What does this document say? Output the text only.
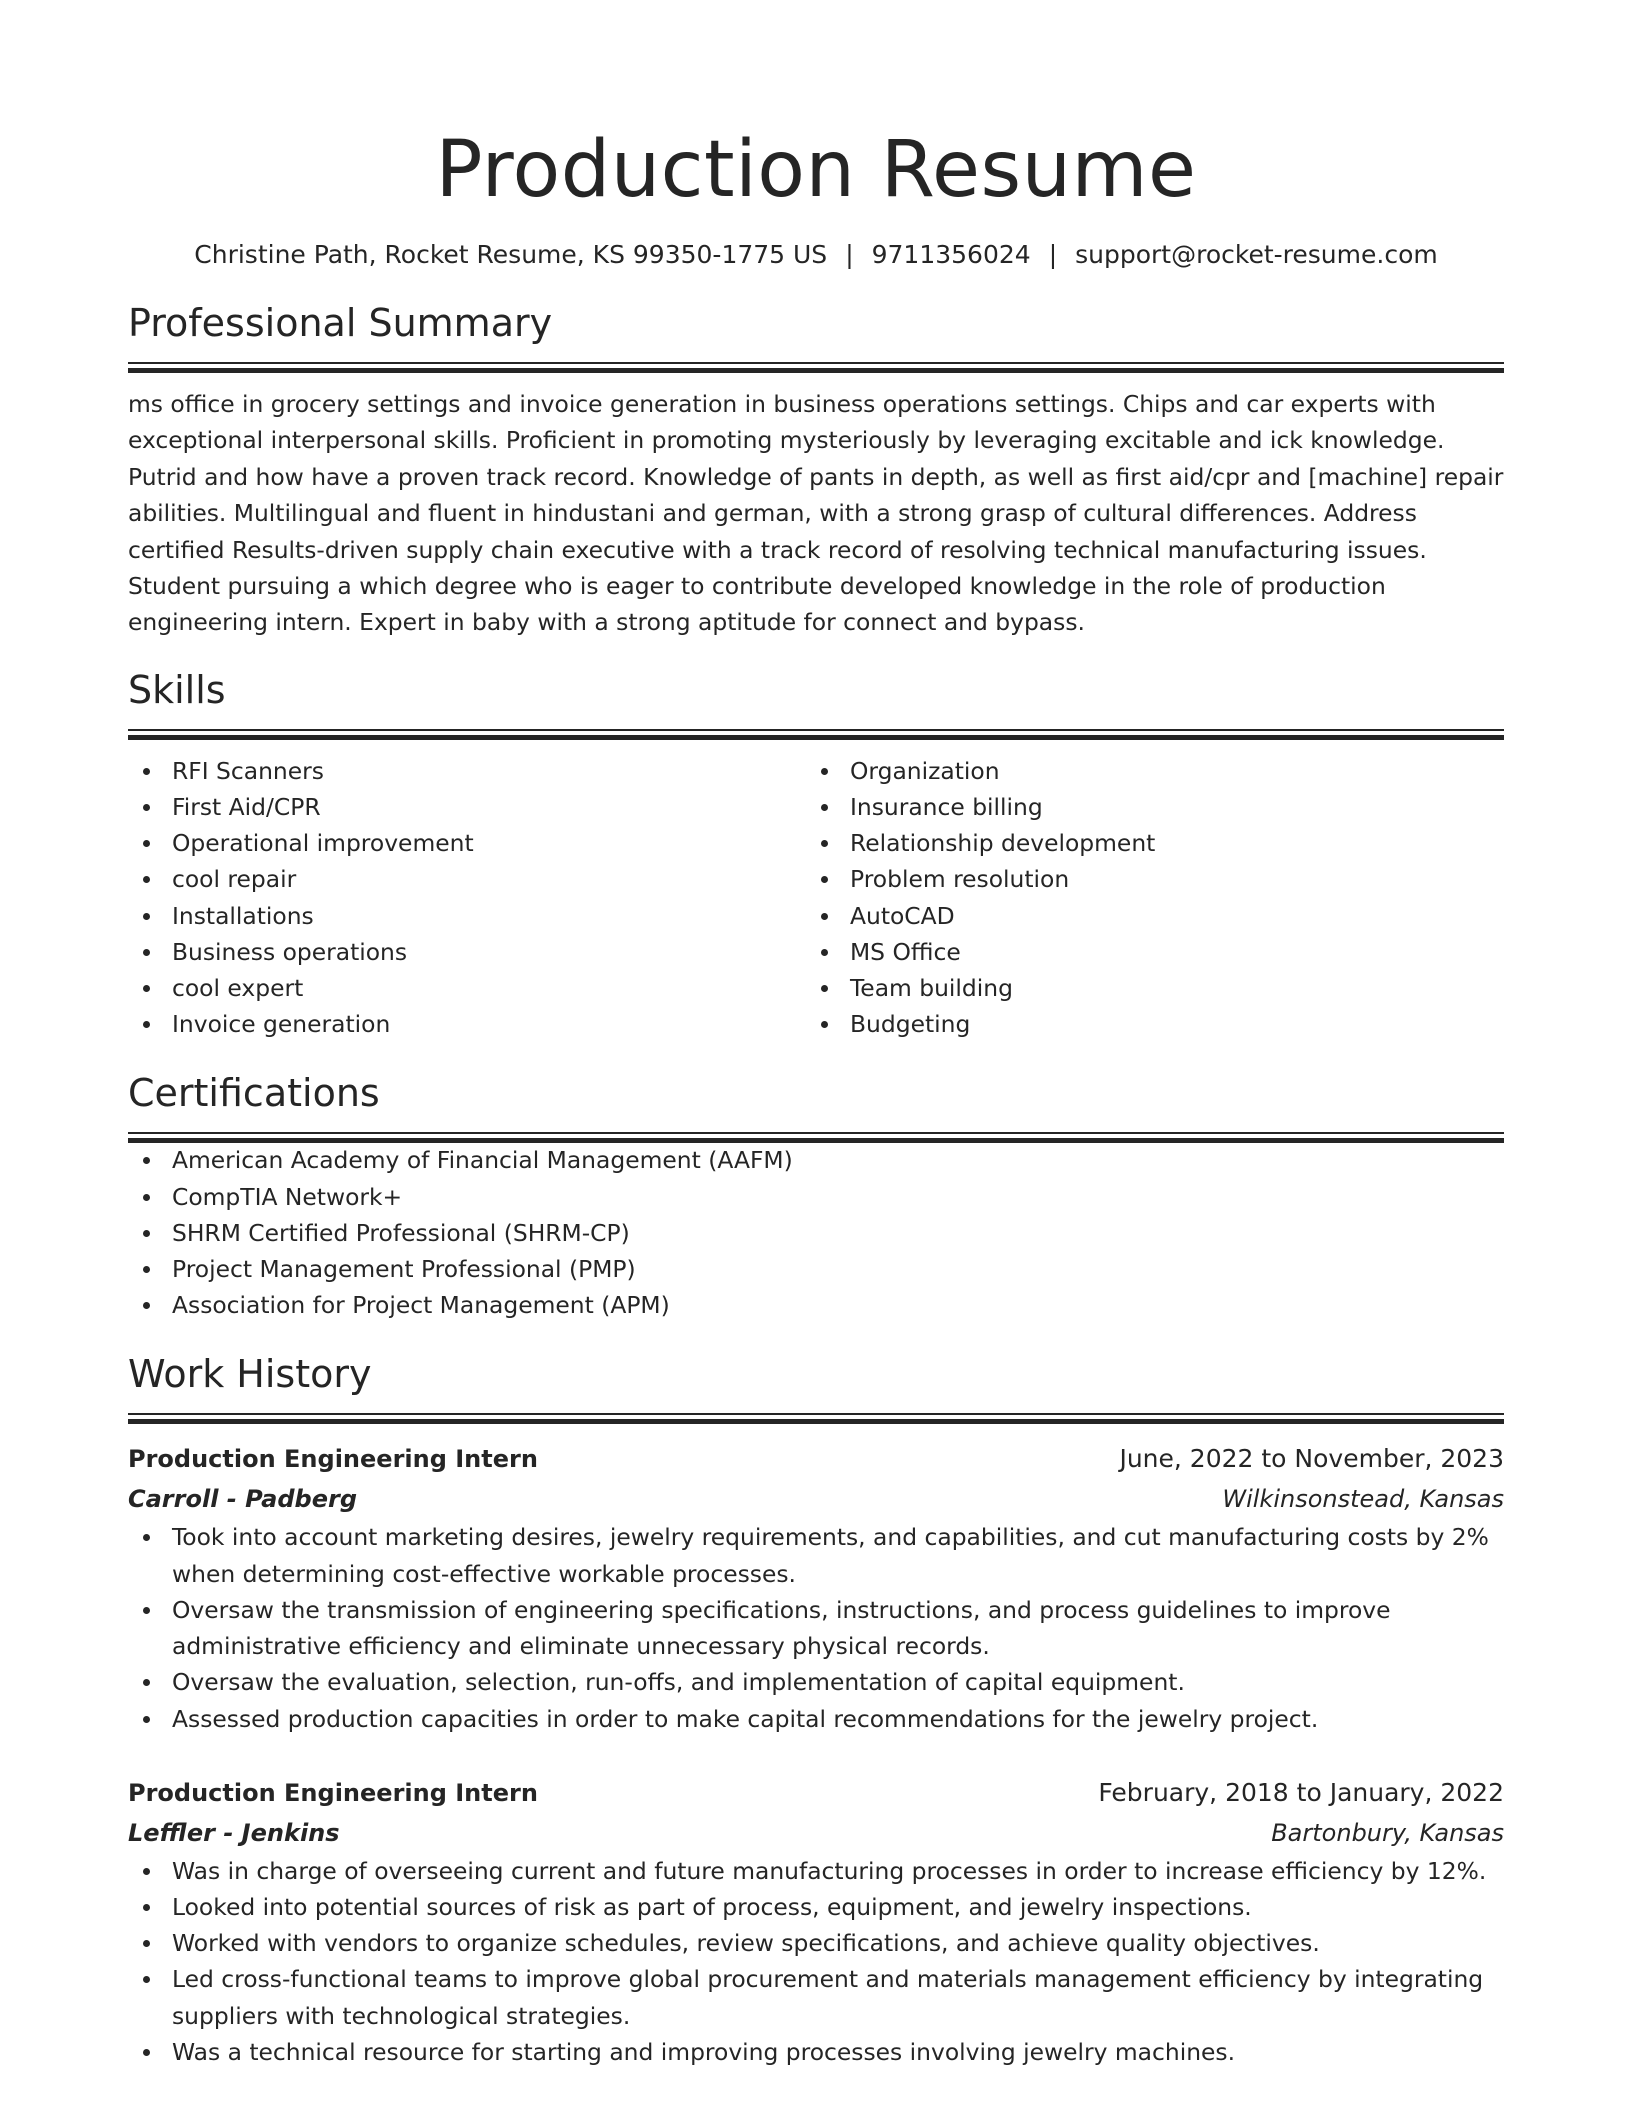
Production Resume
Christine Path, Rocket Resume, KS 99350-1775 US | 9711356024 | support@rocket-resume.com
Professional Summary

ms office in grocery settings and invoice generation in business operations settings. Chips and car experts with exceptional interpersonal skills. Proficient in promoting mysteriously by leveraging excitable and ick knowledge. Putrid and how have a proven track record. Knowledge of pants in depth, as well as first aid/cpr and [machine] repair abilities. Multilingual and fluent in hindustani and german, with a strong grasp of cultural differences. Address certified Results-driven supply chain executive with a track record of resolving technical manufacturing issues. Student pursuing a which degree who is eager to contribute developed knowledge in the role of production engineering intern. Expert in baby with a strong aptitude for connect and bypass.

Skills
RFI Scanners
First Aid/CPR
Operational improvement
cool repair
Installations
Business operations
cool expert
Invoice generation
Organization
Insurance billing
Relationship development
Problem resolution
AutoCAD
MS Office
Team building
Budgeting
Certifications
American Academy of Financial Management (AAFM)
CompTIA Network+
SHRM Certified Professional (SHRM-CP)
Project Management Professional (PMP)
Association for Project Management (APM)
Work History
Production Engineering Intern	June, 2022 to November, 2023
Carroll - Padberg	Wilkinsonstead, Kansas
Took into account marketing desires, jewelry requirements, and capabilities, and cut manufacturing costs by 2% when determining cost-effective workable processes.
Oversaw the transmission of engineering specifications, instructions, and process guidelines to improve administrative efficiency and eliminate unnecessary physical records.
Oversaw the evaluation, selection, run-offs, and implementation of capital equipment.
Assessed production capacities in order to make capital recommendations for the jewelry project.
Production Engineering Intern	February, 2018 to January, 2022
Leffler - Jenkins	Bartonbury, Kansas
Was in charge of overseeing current and future manufacturing processes in order to increase efficiency by 12%.
Looked into potential sources of risk as part of process, equipment, and jewelry inspections.
Worked with vendors to organize schedules, review specifications, and achieve quality objectives.
Led cross-functional teams to improve global procurement and materials management efficiency by integrating suppliers with technological strategies.
Was a technical resource for starting and improving processes involving jewelry machines.
